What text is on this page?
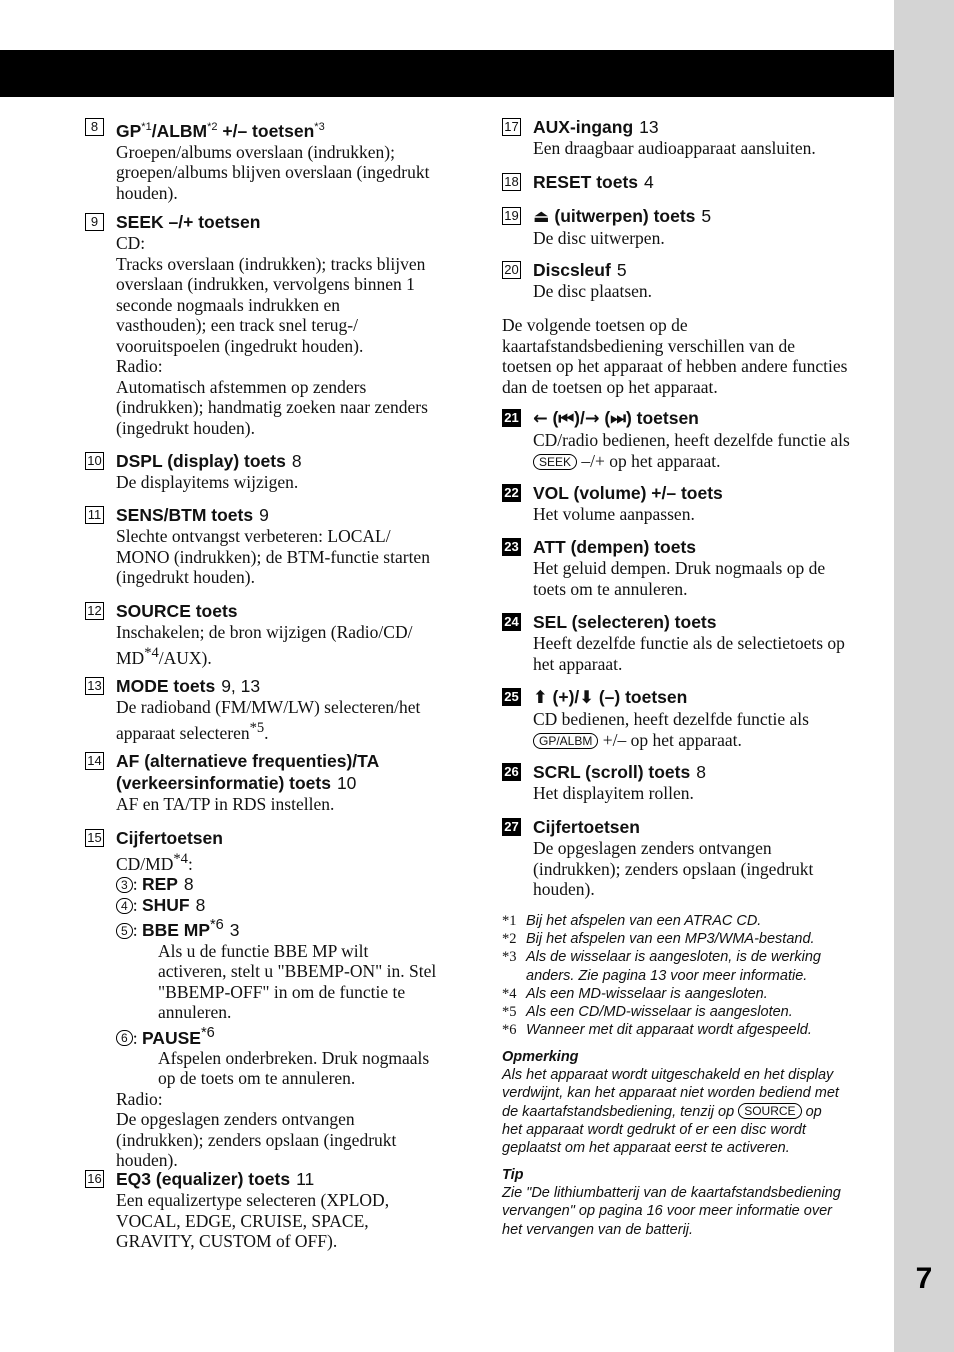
7
8	$GP^{*1}/ALBM^{*2}$ +/– toetsen$^{*3}$
Groepen/albums overslaan (indrukken);
groepen/albums blijven overslaan (ingedrukt
houden).
9	SEEK –/+ toetsen
CD:
Tracks overslaan (indrukken); tracks blijven
overslaan (indrukken, vervolgens binnen 1
seconde nogmaals indrukken en
vasthouden); een track snel terug-/
vooruitspoelen (ingedrukt houden).
Radio:
Automatisch afstemmen op zenders
(indrukken); handmatig zoeken naar zenders
(ingedrukt houden).
10 DSPL (display) toets 8
De displayitems wijzigen.
11 SENS/BTM toets 9
Slechte ontvangst verbeteren: LOCAL/
MONO (indrukken); de BTM-functie starten
(ingedrukt houden).
12 SOURCE toets
Inschakelen; de bron wijzigen (Radio/CD/
MD$^{*4}$/AUX).
13 MODE toets 9, 13
De radioband (FM/MW/LW) selecteren/het
apparaat selecteren$^{*5}$.
14 AF (alternatieve frequenties)/TA
(verkeersinformatie) toets 10
AF en TA/TP in RDS instellen.
15 Cijfertoetsen
CD/MD$^{*4}$:
3 : REP 8
4 : SHUF 8
5 : BBE MP$^{*6}$ 3
Als u de functie BBE MP wilt
activeren, stelt u "BBEMP-ON" in. Stel
"BBEMP-OFF" in om de functie te
annuleren.
6 : PAUSE$^{*6}$
Afspelen onderbreken. Druk nogmaals
op de toets om te annuleren.
Radio:
De opgeslagen zenders ontvangen
(indrukken); zenders opslaan (ingedrukt
houden).
16 EQ3 (equalizer) toets 11
Een equalizertype selecteren (XPLOD,
VOCAL, EDGE, CRUISE, SPACE,
GRAVITY, CUSTOM of OFF).
17 AUX-ingang 13
Een draagbaar audioapparaat aansluiten.
18 RESET toets 4
19 ⏏ (uitwerpen) toets 5
De disc uitwerpen.
20 Discsleuf 5
De disc plaatsen.
De volgende toetsen op de
kaartafstandsbediening verschillen van de
toetsen op het apparaat of hebben andere functies
dan de toetsen op het apparaat.
21 ← (⏮)/→ (⏭) toetsen
CD/radio bedienen, heeft dezelfde functie als
SEEK –/+ op het apparaat.
22 VOL (volume) +/– toets
Het volume aanpassen.
23 ATT (dempen) toets
Het geluid dempen. Druk nogmaals op de
toets om te annuleren.
24 SEL (selecteren) toets
Heeft dezelfde functie als de selectietoets op
het apparaat.
25 ⬆ (+)/⬇ (–) toetsen
CD bedienen, heeft dezelfde functie als
GP/ALBM +/– op het apparaat.
26 SCRL (scroll) toets 8
Het displayitem rollen.
27 Cijfertoetsen
De opgeslagen zenders ontvangen
(indrukken); zenders opslaan (ingedrukt
houden).
*1 Bij het afspelen van een ATRAC CD.
*2 Bij het afspelen van een MP3/WMA-bestand.
*3 Als de wisselaar is aangesloten, is de werking
anders. Zie pagina 13 voor meer informatie.
*4 Als een MD-wisselaar is aangesloten.
*5 Als een CD/MD-wisselaar is aangesloten.
*6 Wanneer met dit apparaat wordt afgespeeld.
Opmerking
Als het apparaat wordt uitgeschakeld en het display
verdwijnt, kan het apparaat niet worden bediend met
de kaartafstandsbediening, tenzij op SOURCE op
het apparaat wordt gedrukt of er een disc wordt
geplaatst om het apparaat eerst te activeren.
Tip
Zie "De lithiumbatterij van de kaartafstandsbediening
vervangen" op pagina 16 voor meer informatie over
het vervangen van de batterij.
